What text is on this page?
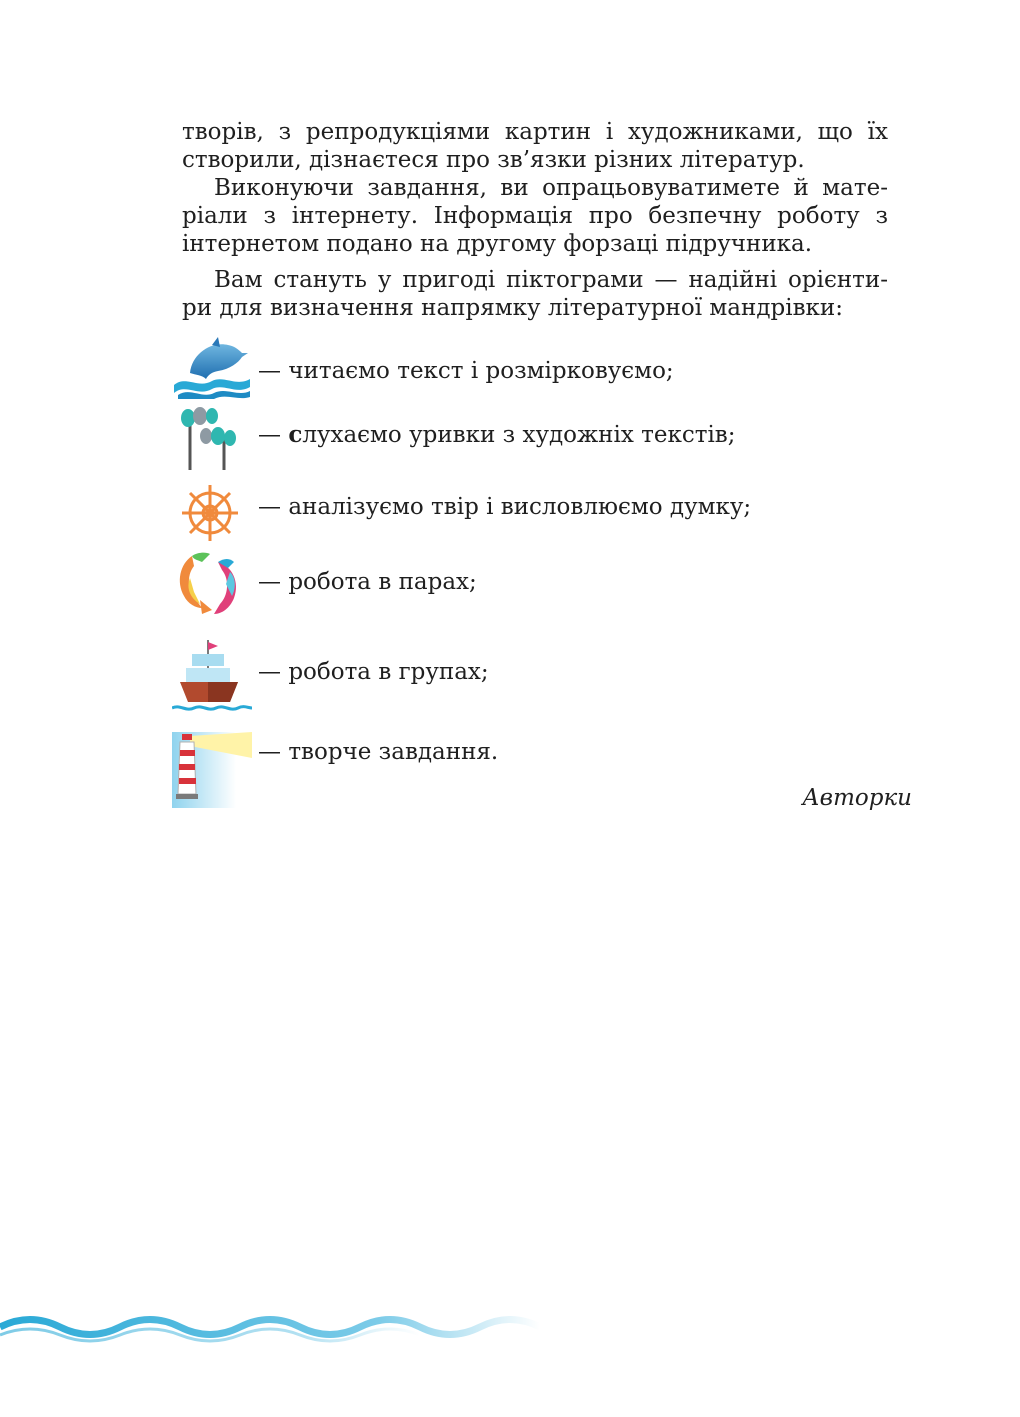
творів, з репродукціями картин і художниками, що їх
створили, дізнаєтеся про зв’язки різних літератур.

Виконуючи завдання, ви опрацьовуватимете й мате-
ріали з інтернету. Інформація про безпечну роботу з
інтернетом подано на другому форзаці підручника.

Вам стануть у пригоді піктограми — надійні орієнти-
ри для визначення напрямку літературної мандрівки:

— читаємо текст і розмірковуємо;
— слухаємо уривки з художніх текстів;
— аналізуємо твір і висловлюємо думку;
— робота в парах;
— робота в групах;
— творче завдання.
Авторки
